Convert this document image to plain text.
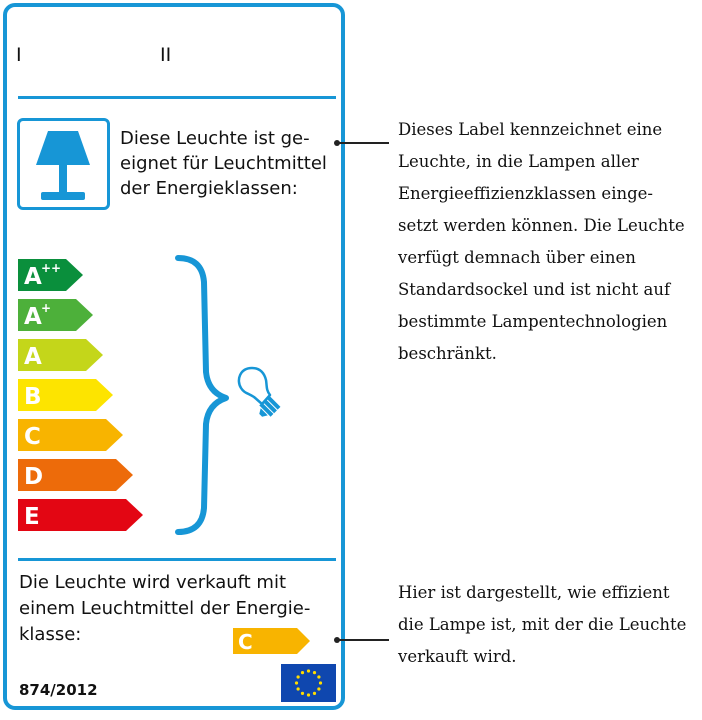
I	II
Diese Leuchte ist ge- eignet für Leuchtmittel der Energieklassen:
A ++
A +
A
B
C
D
E
Die Leuchte wird verkauft mit einem Leuchtmittel der Energie- klasse:	C
874/2012
Dieses Label kennzeichnet eine Leuchte, in die Lampen aller Energieeffizienzklassen einge- setzt werden können. Die Leuchte verfügt demnach über einen Standardsockel und ist nicht auf bestimmte Lampentechnologien beschränkt.
Hier ist dargestellt, wie effizient die Lampe ist, mit der die Leuchte verkauft wird.
